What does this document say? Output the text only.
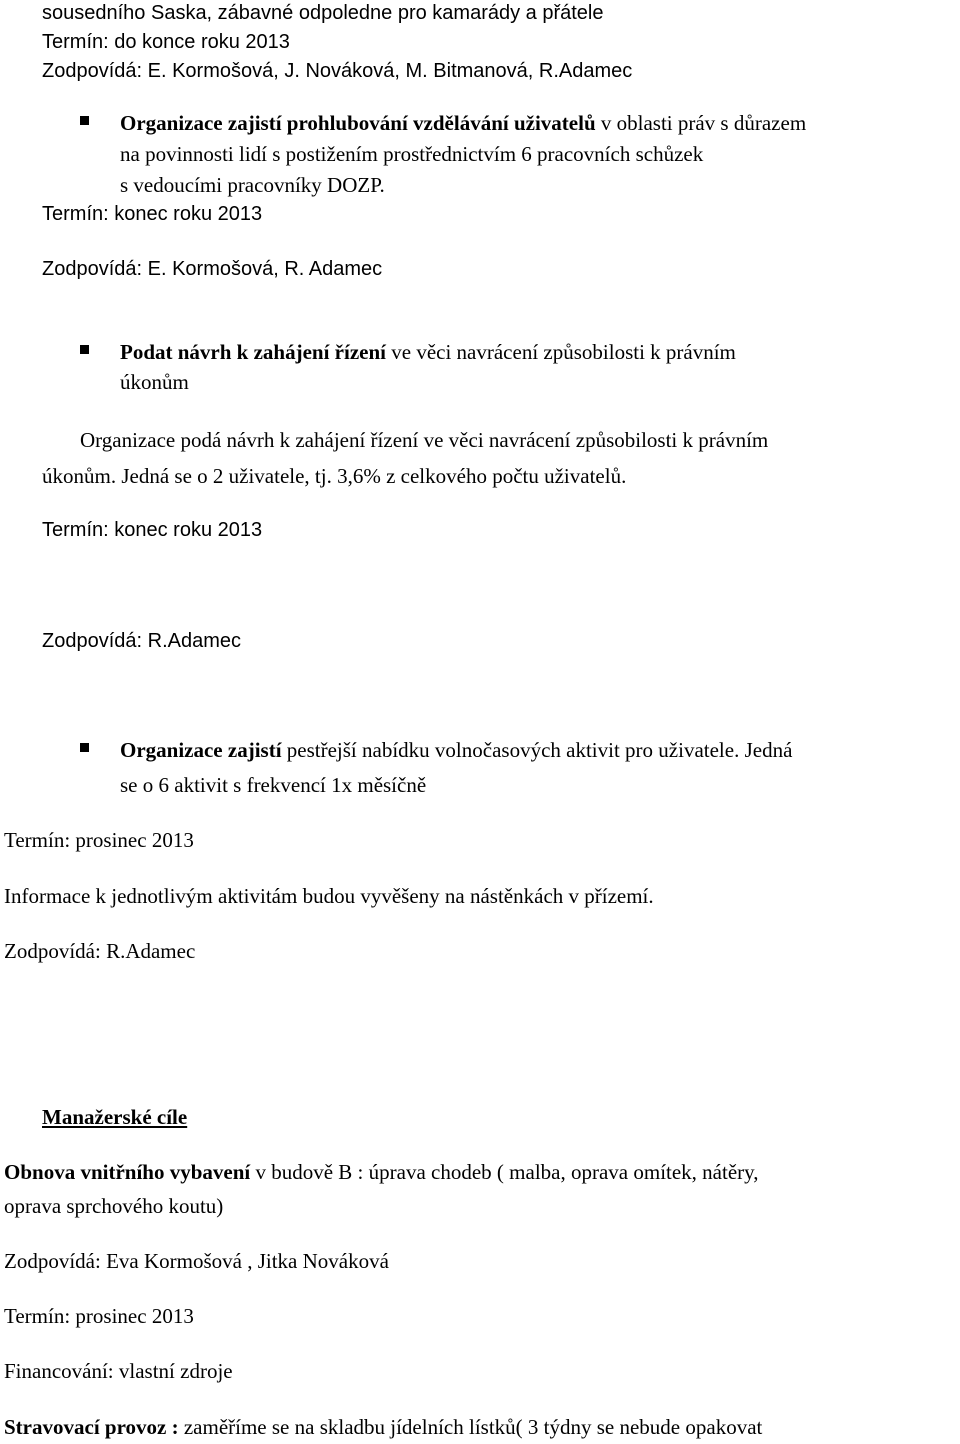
sousedního Saska, zábavné odpoledne pro kamarády a přátele

Termín: do konce roku 2013

Zodpovídá: E. Kormošová, J. Nováková, M. Bitmanová, R.Adamec

Organizace zajistí prohlubování vzdělávání uživatelů v oblasti práv s důrazem

na povinnosti lidí s postižením prostřednictvím 6 pracovních schůzek

s vedoucími pracovníky DOZP.

Termín: konec roku 2013

Zodpovídá: E. Kormošová, R. Adamec

Podat návrh k zahájení řízení ve věci navrácení způsobilosti k právním

úkonům

Organizace podá návrh k zahájení řízení ve věci navrácení způsobilosti k právním

úkonům. Jedná se o 2 uživatele, tj. 3,6% z celkového počtu uživatelů.

Termín: konec roku 2013

Zodpovídá: R.Adamec

Organizace zajistí pestřejší nabídku volnočasových aktivit pro uživatele. Jedná

se o 6 aktivit s frekvencí 1x měsíčně

Termín: prosinec 2013

Informace k jednotlivým aktivitám budou vyvěšeny na nástěnkách v přízemí.

Zodpovídá: R.Adamec

Manažerské cíle

Obnova vnitřního vybavení v budově B : úprava chodeb ( malba, oprava omítek, nátěry,

oprava sprchového koutu)

Zodpovídá: Eva Kormošová , Jitka Nováková

Termín: prosinec 2013

Financování: vlastní zdroje

Stravovací provoz : zaměříme se na skladbu jídelních lístků( 3 týdny se nebude opakovat
